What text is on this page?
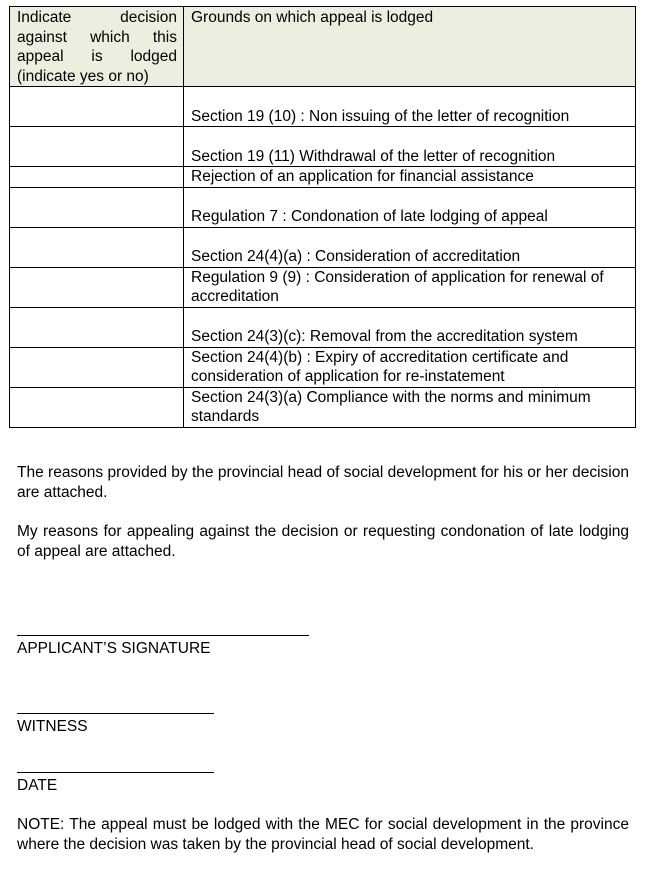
Indicate decision against which this appeal is lodged (indicate yes or no)	Grounds on which appeal is lodged
	Section 19 (10) : Non issuing of the letter of recognition
	Section 19 (11) Withdrawal of the letter of recognition
	Rejection of an application for financial assistance
	Regulation 7 : Condonation of late lodging of appeal
	Section 24(4)(a) : Consideration of accreditation
	Regulation 9 (9) : Consideration of application for renewal of accreditation
	Section 24(3)(c): Removal from the accreditation system
	Section 24(4)(b) : Expiry of accreditation certificate and consideration of application for re-instatement
	Section 24(3)(a) Compliance with the norms and minimum standards

The reasons provided by the provincial head of social development for his or her decision are attached.

My reasons for appealing against the decision or requesting condonation of late lodging of appeal are attached.

APPLICANT’S SIGNATURE

WITNESS

DATE

NOTE: The appeal must be lodged with the MEC for social development in the province where the decision was taken by the provincial head of social development.
